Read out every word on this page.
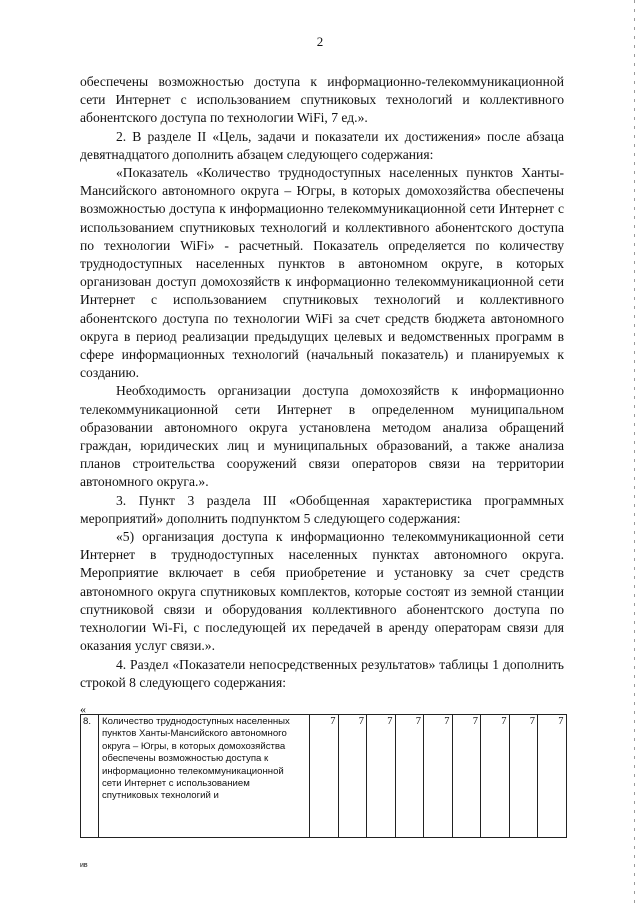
2

обеспечены возможностью доступа к информационно-телекоммуникационной сети Интернет с использованием спутниковых технологий и коллективного абонентского доступа по технологии WiFi, 7 ед.».

2. В разделе II «Цель, задачи и показатели их достижения» после абзаца девятнадцатого дополнить абзацем следующего содержания:

«Показатель «Количество труднодоступных населенных пунктов Ханты-Мансийского автономного округа – Югры, в которых домохозяйства обеспечены возможностью доступа к информационно телекоммуникационной сети Интернет с использованием спутниковых технологий и коллективного абонентского доступа по технологии WiFi» - расчетный. Показатель определяется по количеству труднодоступных населенных пунктов в автономном округе, в которых организован доступ домохозяйств к информационно телекоммуникационной сети Интернет с использованием спутниковых технологий и коллективного абонентского доступа по технологии WiFi за счет средств бюджета автономного округа в период реализации предыдущих целевых и ведомственных программ в сфере информационных технологий (начальный показатель) и планируемых к созданию.

Необходимость организации доступа домохозяйств к информационно телекоммуникационной сети Интернет в определенном муниципальном образовании автономного округа установлена методом анализа обращений граждан, юридических лиц и муниципальных образований, а также анализа планов строительства сооружений связи операторов связи на территории автономного округа.».

3. Пункт 3 раздела III «Обобщенная характеристика программных мероприятий» дополнить подпунктом 5 следующего содержания:

«5) организация доступа к информационно телекоммуникационной сети Интернет в труднодоступных населенных пунктах автономного округа. Мероприятие включает в себя приобретение и установку за счет средств автономного округа спутниковых комплектов, которые состоят из земной станции спутниковой связи и оборудования коллективного абонентского доступа по технологии Wi-Fi, с последующей их передачей в аренду операторам связи для оказания услуг связи.».

4. Раздел «Показатели непосредственных результатов» таблицы 1 дополнить строкой 8 следующего содержания:

«
8.	Количество труднодоступных населенных пунктов Ханты-Мансийского автономного округа – Югры, в которых домохозяйства обеспечены возможностью доступа к информационно телекоммуникационной сети Интернет с использованием спутниковых технологий и	7	7	7	7	7	7	7	7	7
ив
